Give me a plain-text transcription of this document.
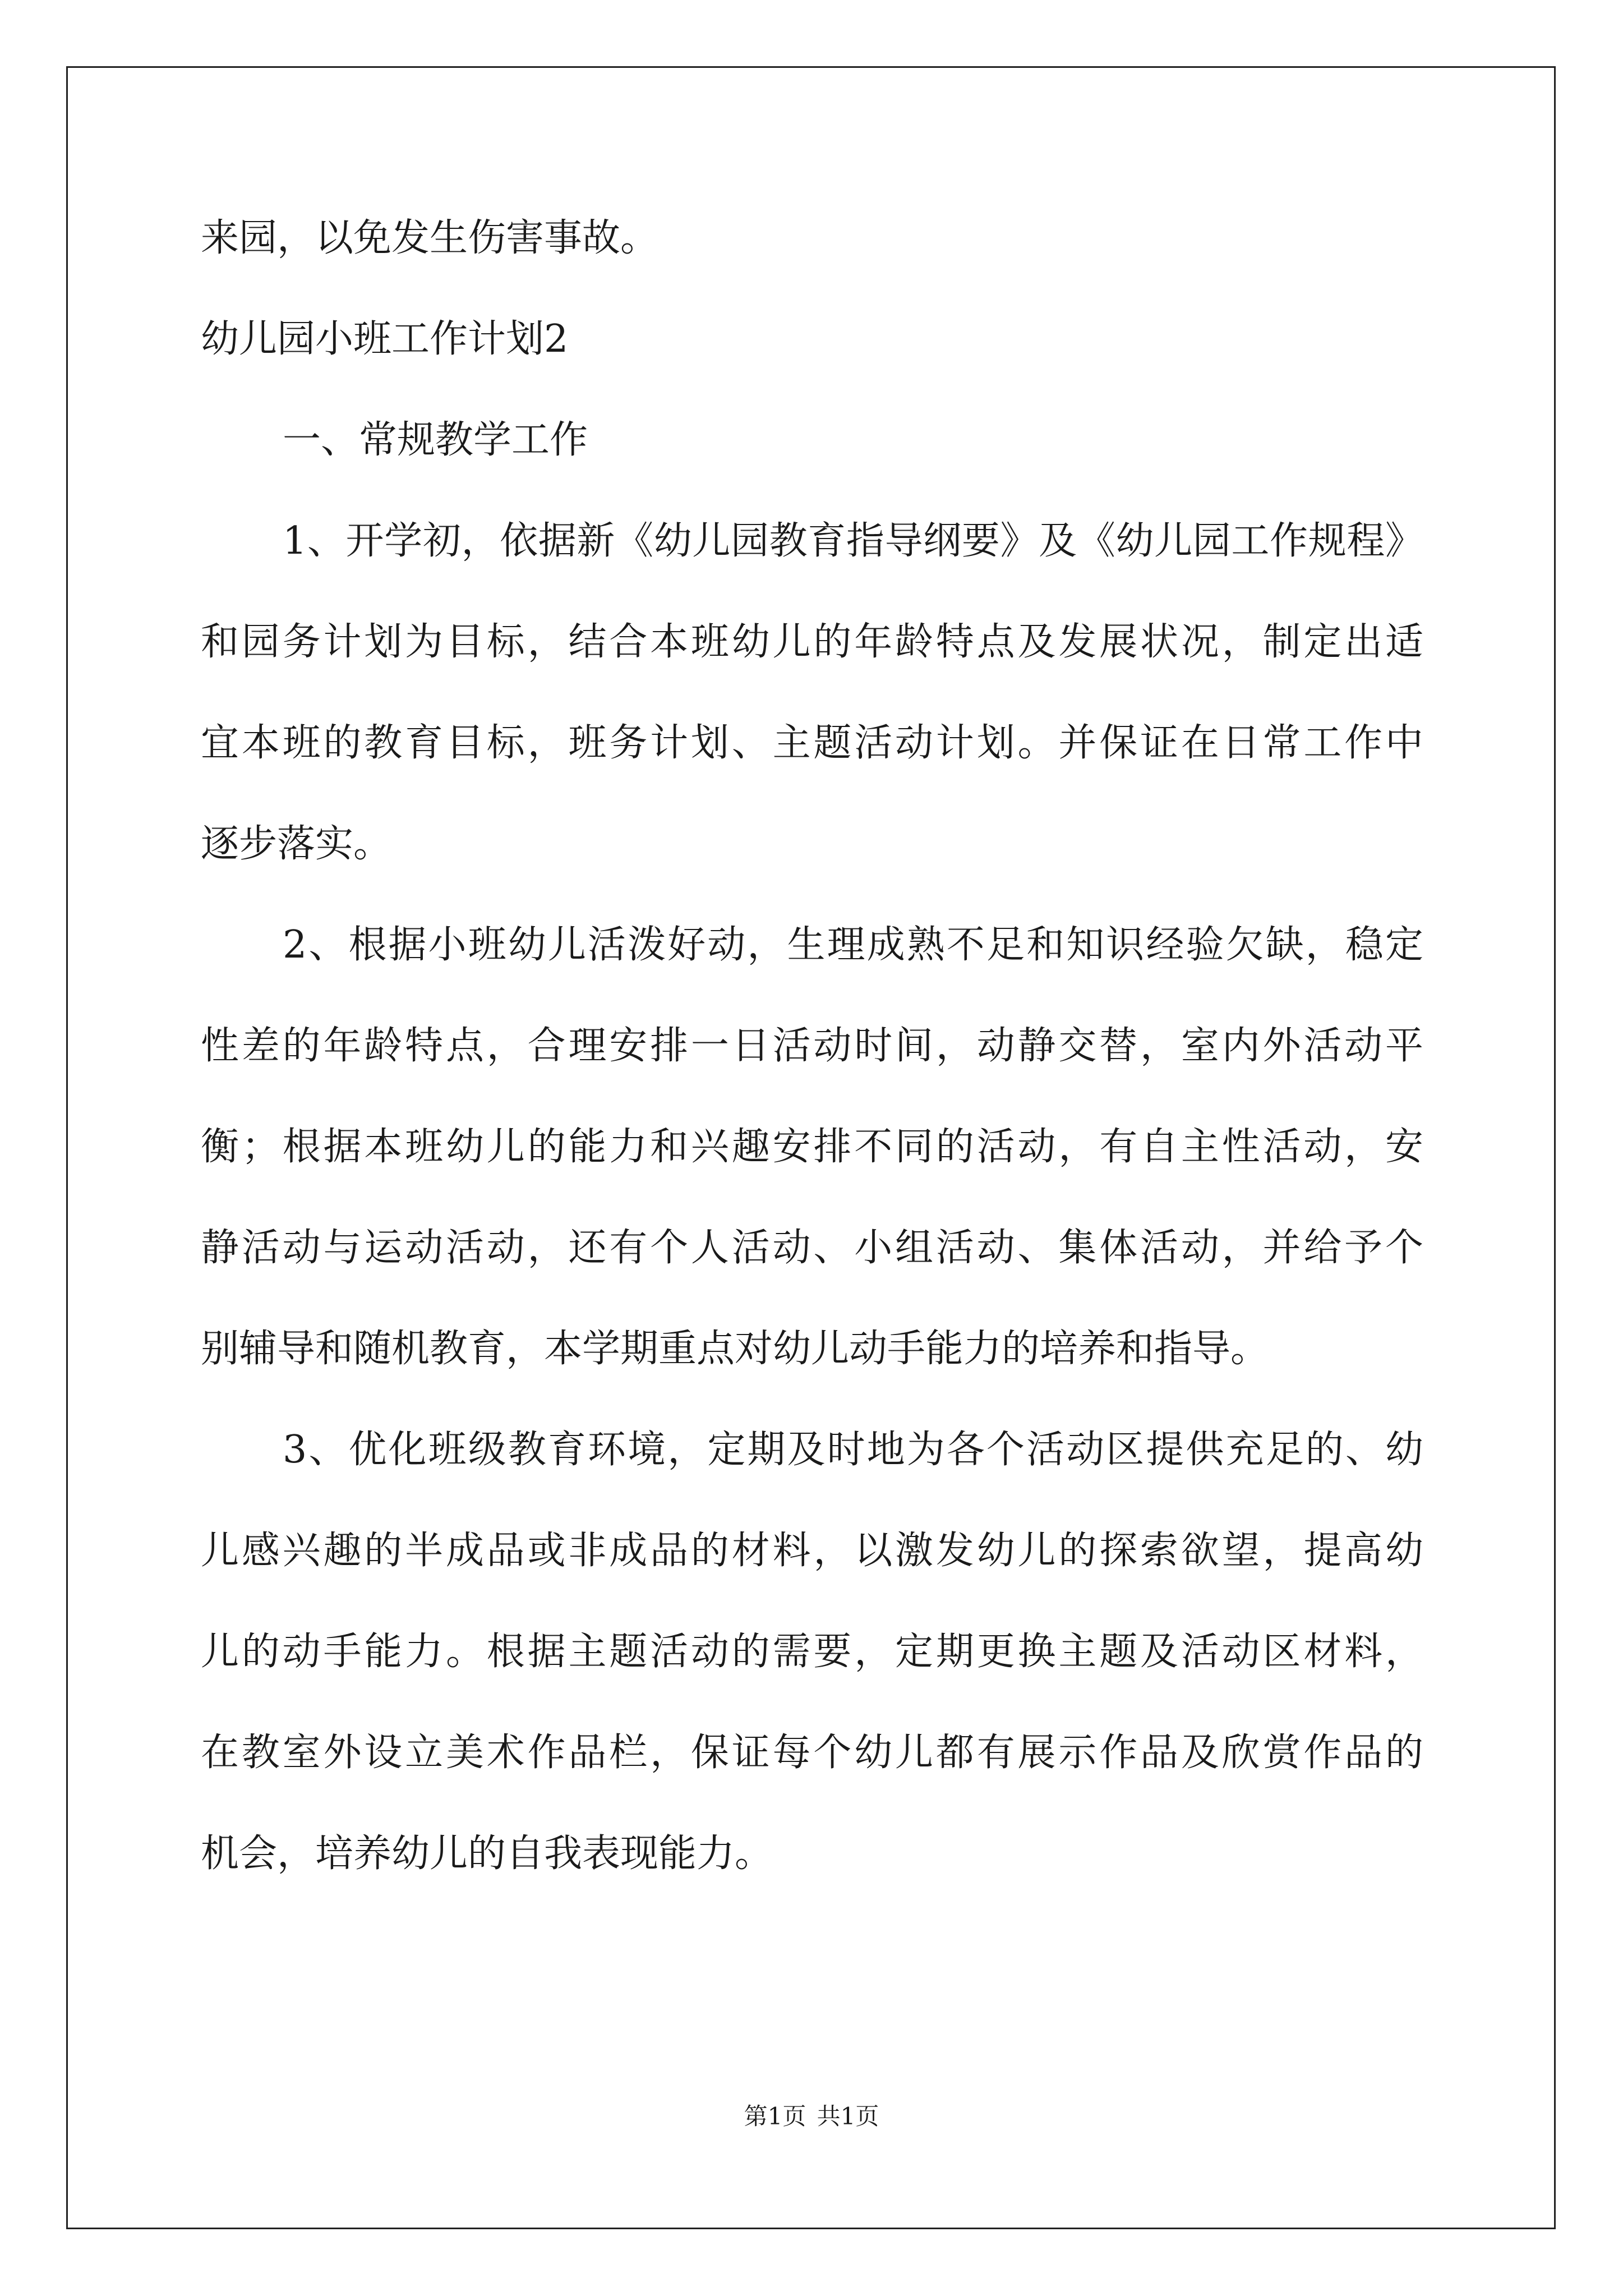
来园，以免发生伤害事故。
幼儿园小班工作计划2
一、常规教学工作
1、开学初，依据新《幼儿园教育指导纲要》及《幼儿园工作规程》
和园务计划为目标，结合本班幼儿的年龄特点及发展状况，制定出适
宜本班的教育目标，班务计划、主题活动计划。并保证在日常工作中
逐步落实。
2、根据小班幼儿活泼好动，生理成熟不足和知识经验欠缺，稳定
性差的年龄特点，合理安排一日活动时间，动静交替，室内外活动平
衡；根据本班幼儿的能力和兴趣安排不同的活动，有自主性活动，安
静活动与运动活动，还有个人活动、小组活动、集体活动，并给予个
别辅导和随机教育，本学期重点对幼儿动手能力的培养和指导。
3、优化班级教育环境，定期及时地为各个活动区提供充足的、幼
儿感兴趣的半成品或非成品的材料，以激发幼儿的探索欲望，提高幼
儿的动手能力。根据主题活动的需要，定期更换主题及活动区材料，
在教室外设立美术作品栏，保证每个幼儿都有展示作品及欣赏作品的
机会，培养幼儿的自我表现能力。
第1页 共1页
